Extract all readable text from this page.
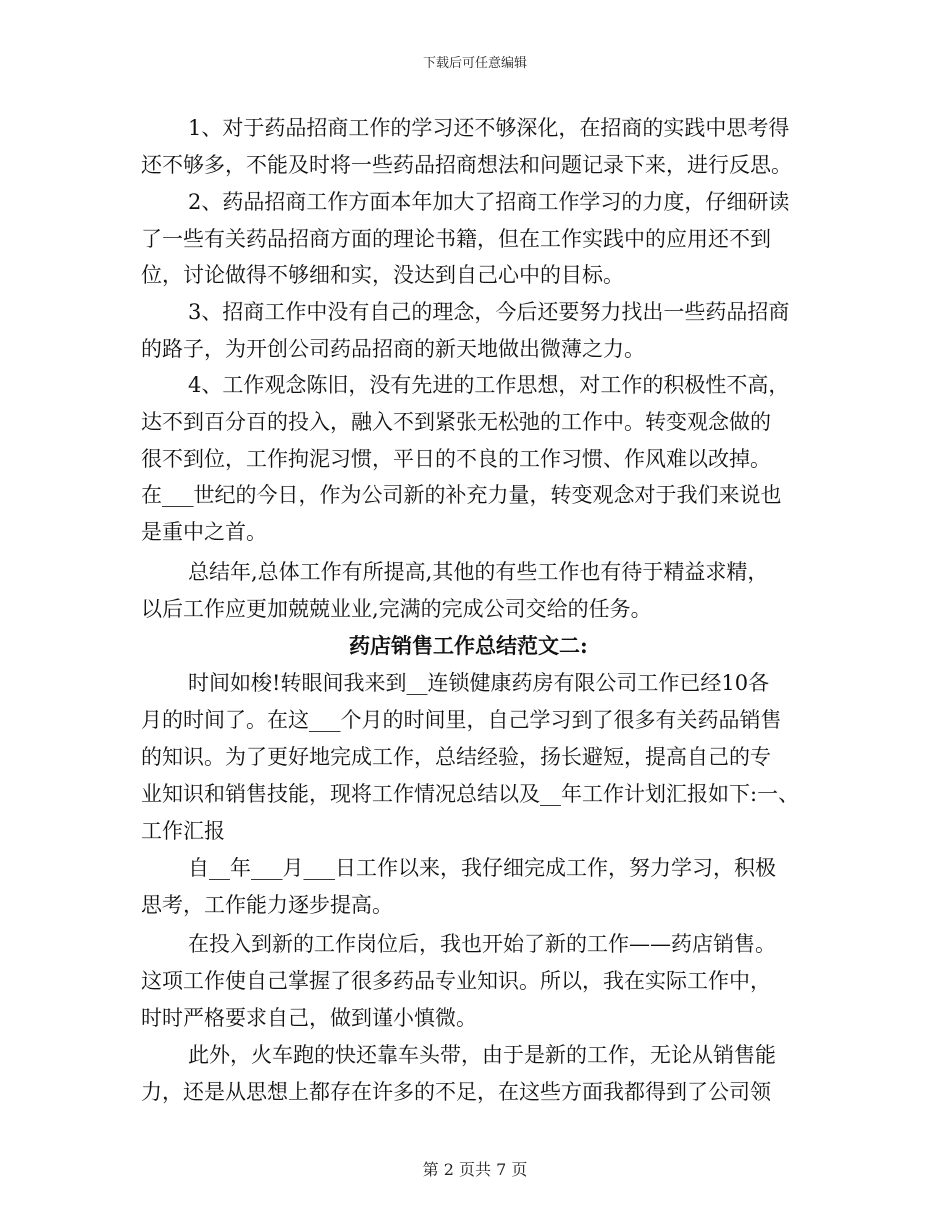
下载后可任意编辑
1、对于药品招商工作的学习还不够深化，在招商的实践中思考得
还不够多，不能及时将一些药品招商想法和问题记录下来，进行反思。
2、药品招商工作方面本年加大了招商工作学习的力度，仔细研读
了一些有关药品招商方面的理论书籍，但在工作实践中的应用还不到
位，讨论做得不够细和实，没达到自己心中的目标。
3、招商工作中没有自己的理念，今后还要努力找出一些药品招商
的路子，为开创公司药品招商的新天地做出微薄之力。
4、工作观念陈旧，没有先进的工作思想，对工作的积极性不高，
达不到百分百的投入，融入不到紧张无松弛的工作中。转变观念做的
很不到位，工作拘泥习惯，平日的不良的工作习惯、作风难以改掉。
在___世纪的今日，作为公司新的补充力量，转变观念对于我们来说也
是重中之首。
总结年,总体工作有所提高,其他的有些工作也有待于精益求精，
以后工作应更加兢兢业业,完满的完成公司交给的任务。
药店销售工作总结范文二:
时间如梭!转眼间我来到__连锁健康药房有限公司工作已经10各
月的时间了。在这___个月的时间里，自己学习到了很多有关药品销售
的知识。为了更好地完成工作，总结经验，扬长避短，提高自己的专
业知识和销售技能，现将工作情况总结以及__年工作计划汇报如下:一、
工作汇报
自__年___月___日工作以来，我仔细完成工作，努力学习，积极
思考，工作能力逐步提高。
在投入到新的工作岗位后，我也开始了新的工作——药店销售。
这项工作使自己掌握了很多药品专业知识。所以，我在实际工作中，
时时严格要求自己，做到谨小慎微。
此外，火车跑的快还靠车头带，由于是新的工作，无论从销售能
力，还是从思想上都存在许多的不足，在这些方面我都得到了公司领
第 2 页共 7 页
